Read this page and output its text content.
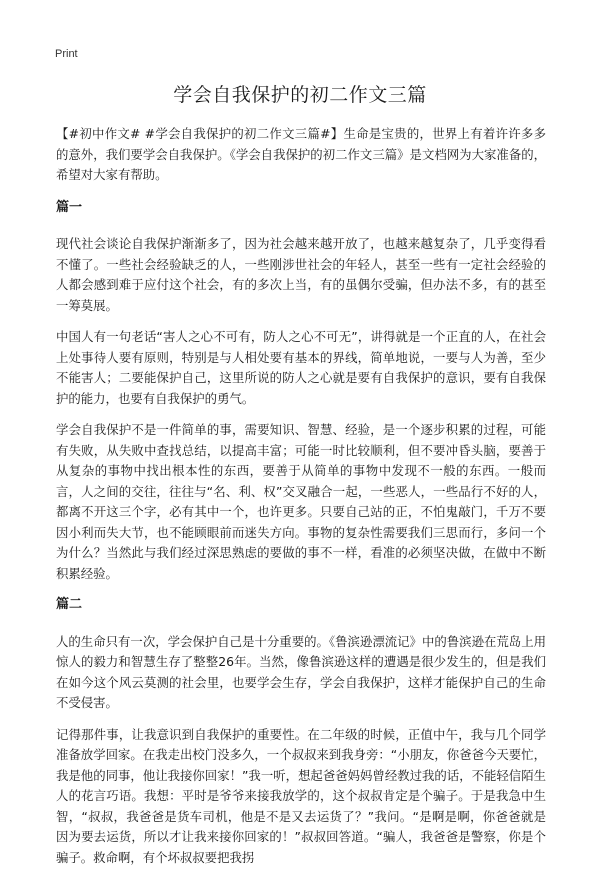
Print
学会自我保护的初二作文三篇

【#初中作文# #学会自我保护的初二作文三篇#】生命是宝贵的，世界上有着许许多多的意外，我们要学会自我保护。《学会自我保护的初二作文三篇》是文档网为大家准备的，希望对大家有帮助。

篇一

现代社会谈论自我保护渐渐多了，因为社会越来越开放了，也越来越复杂了，几乎变得看不懂了。一些社会经验缺乏的人，一些刚涉世社会的年轻人，甚至一些有一定社会经验的人都会感到难于应付这个社会，有的多次上当，有的虽偶尔受骗，但办法不多，有的甚至一筹莫展。

中国人有一句老话“害人之心不可有，防人之心不可无”，讲得就是一个正直的人，在社会上处事待人要有原则，特别是与人相处要有基本的界线，简单地说，一要与人为善，至少不能害人；二要能保护自己，这里所说的防人之心就是要有自我保护的意识，要有自我保护的能力，也要有自我保护的勇气。

学会自我保护不是一件简单的事，需要知识、智慧、经验，是一个逐步积累的过程，可能有失败，从失败中查找总结，以提高丰富；可能一时比较顺利，但不要冲昏头脑，要善于从复杂的事物中找出根本性的东西，要善于从简单的事物中发现不一般的东西。一般而言，人之间的交往，往往与“名、利、权”交叉融合一起，一些恶人，一些品行不好的人，都离不开这三个字，必有其中一个，也许更多。只要自己站的正，不怕鬼敲门，千万不要因小利而失大节，也不能顾眼前而迷失方向。事物的复杂性需要我们三思而行，多问一个为什么？当然此与我们经过深思熟虑的要做的事不一样，看准的必须坚决做，在做中不断积累经验。

篇二

人的生命只有一次，学会保护自己是十分重要的。《鲁滨逊漂流记》中的鲁滨逊在荒岛上用惊人的毅力和智慧生存了整整26年。当然，像鲁滨逊这样的遭遇是很少发生的，但是我们在如今这个风云莫测的社会里，也要学会生存，学会自我保护，这样才能保护自己的生命不受侵害。

记得那件事，让我意识到自我保护的重要性。在二年级的时候，正值中午，我与几个同学准备放学回家。在我走出校门没多久，一个叔叔来到我身旁：“小朋友，你爸爸今天要忙，我是他的同事，他让我接你回家！”我一听，想起爸爸妈妈曾经教过我的话，不能轻信陌生人的花言巧语。我想：平时是爷爷来接我放学的，这个叔叔肯定是个骗子。于是我急中生智，“叔叔，我爸爸是货车司机，他是不是又去运货了？”我问。“是啊是啊，你爸爸就是因为要去运货，所以才让我来接你回家的！”叔叔回答道。“骗人，我爸爸是警察，你是个骗子。救命啊，有个坏叔叔要把我拐
